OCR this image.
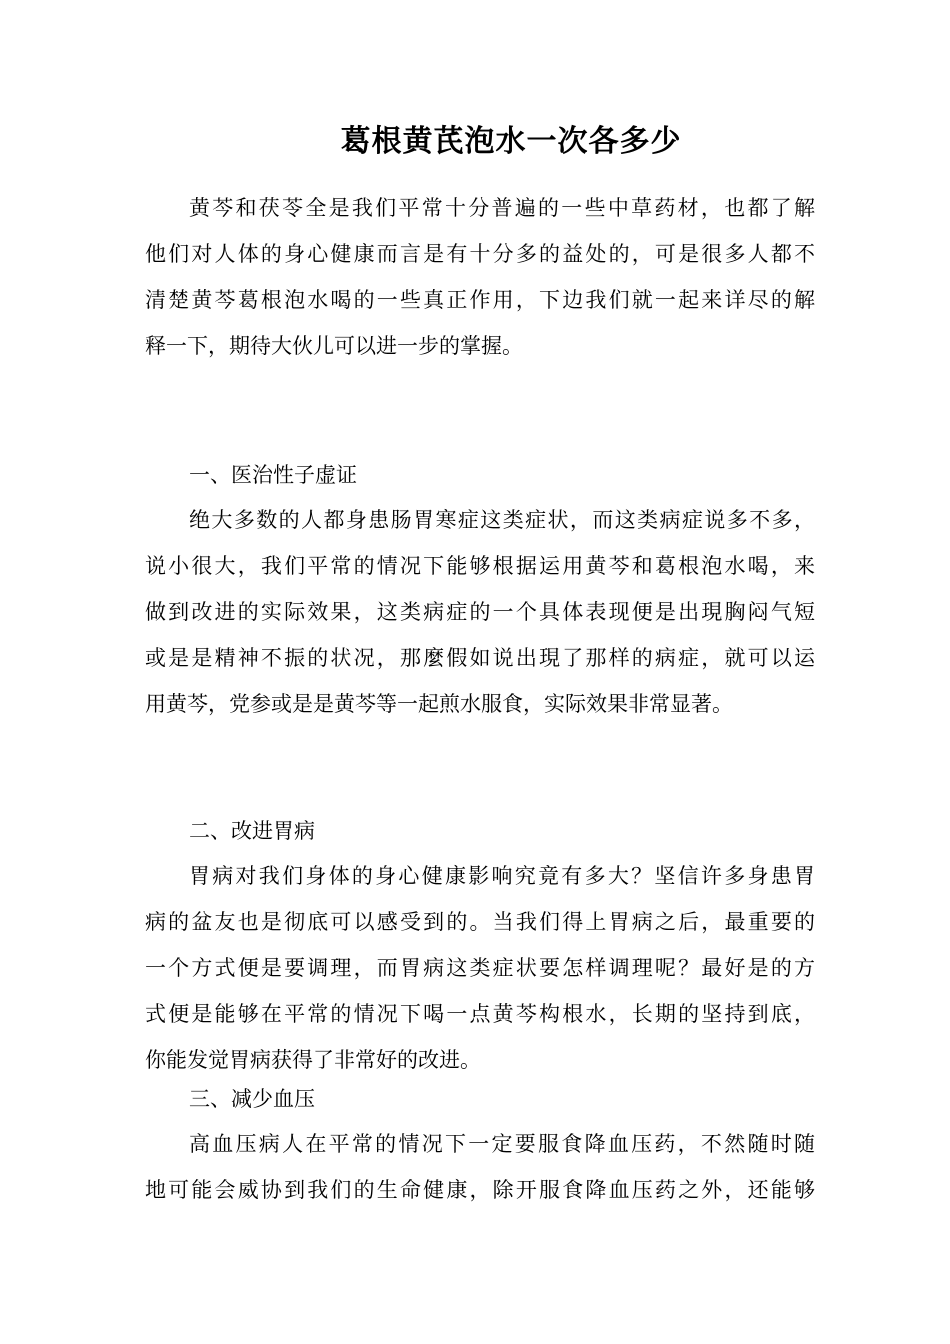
葛根黄芪泡水一次各多少
黄芩和茯苓全是我们平常十分普遍的一些中草药材，也都了解
他们对人体的身心健康而言是有十分多的益处的，可是很多人都不
清楚黄芩葛根泡水喝的一些真正作用，下边我们就一起来详尽的解
释一下，期待大伙儿可以进一步的掌握。
一、医治性子虚证
绝大多数的人都身患肠胃寒症这类症状，而这类病症说多不多，
说小很大，我们平常的情况下能够根据运用黄芩和葛根泡水喝，来
做到改进的实际效果，这类病症的一个具体表现便是出現胸闷气短
或是是精神不振的状况，那麼假如说出現了那样的病症，就可以运
用黄芩，党参或是是黄芩等一起煎水服食，实际效果非常显著。
二、改进胃病
胃病对我们身体的身心健康影响究竟有多大？坚信许多身患胃
病的盆友也是彻底可以感受到的。当我们得上胃病之后，最重要的
一个方式便是要调理，而胃病这类症状要怎样调理呢？最好是的方
式便是能够在平常的情况下喝一点黄芩构根水，长期的坚持到底，
你能发觉胃病获得了非常好的改进。
三、减少血压
高血压病人在平常的情况下一定要服食降血压药，不然随时随
地可能会威协到我们的生命健康，除开服食降血压药之外，还能够
